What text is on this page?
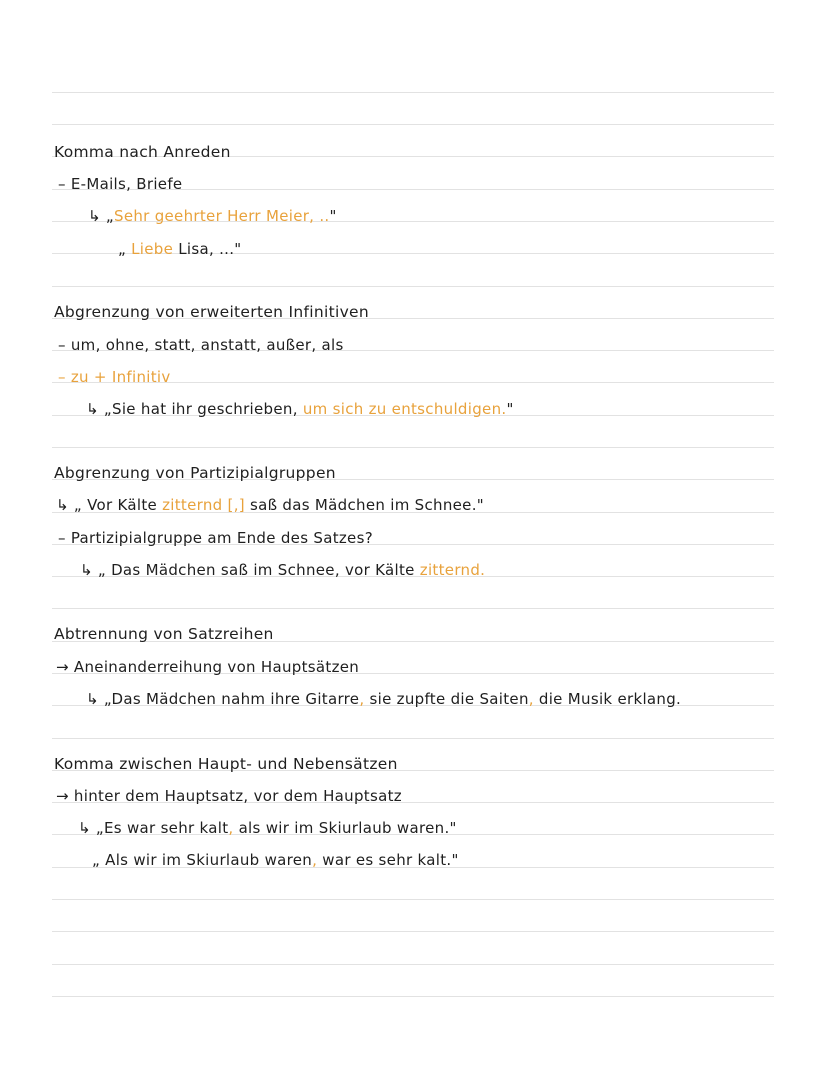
Komma nach Anreden
– E-Mails, Briefe
↳ „Sehr geehrter Herr Meier, .."
„ Liebe Lisa, ..."
Abgrenzung von erweiterten Infinitiven
– um, ohne, statt, anstatt, außer, als
– zu + Infinitiv
↳ „Sie hat ihr geschrieben, um sich zu entschuldigen."
Abgrenzung von Partizipialgruppen
↳ „ Vor Kälte zitternd [,] saß das Mädchen im Schnee."
– Partizipialgruppe am Ende des Satzes?
↳ „ Das Mädchen saß im Schnee, vor Kälte zitternd.
Abtrennung von Satzreihen
→ Aneinanderreihung von Hauptsätzen
↳ „Das Mädchen nahm ihre Gitarre, sie zupfte die Saiten, die Musik erklang.
Komma zwischen Haupt- und Nebensätzen
→ hinter dem Hauptsatz, vor dem Hauptsatz
↳ „Es war sehr kalt, als wir im Skiurlaub waren."
„ Als wir im Skiurlaub waren, war es sehr kalt."
